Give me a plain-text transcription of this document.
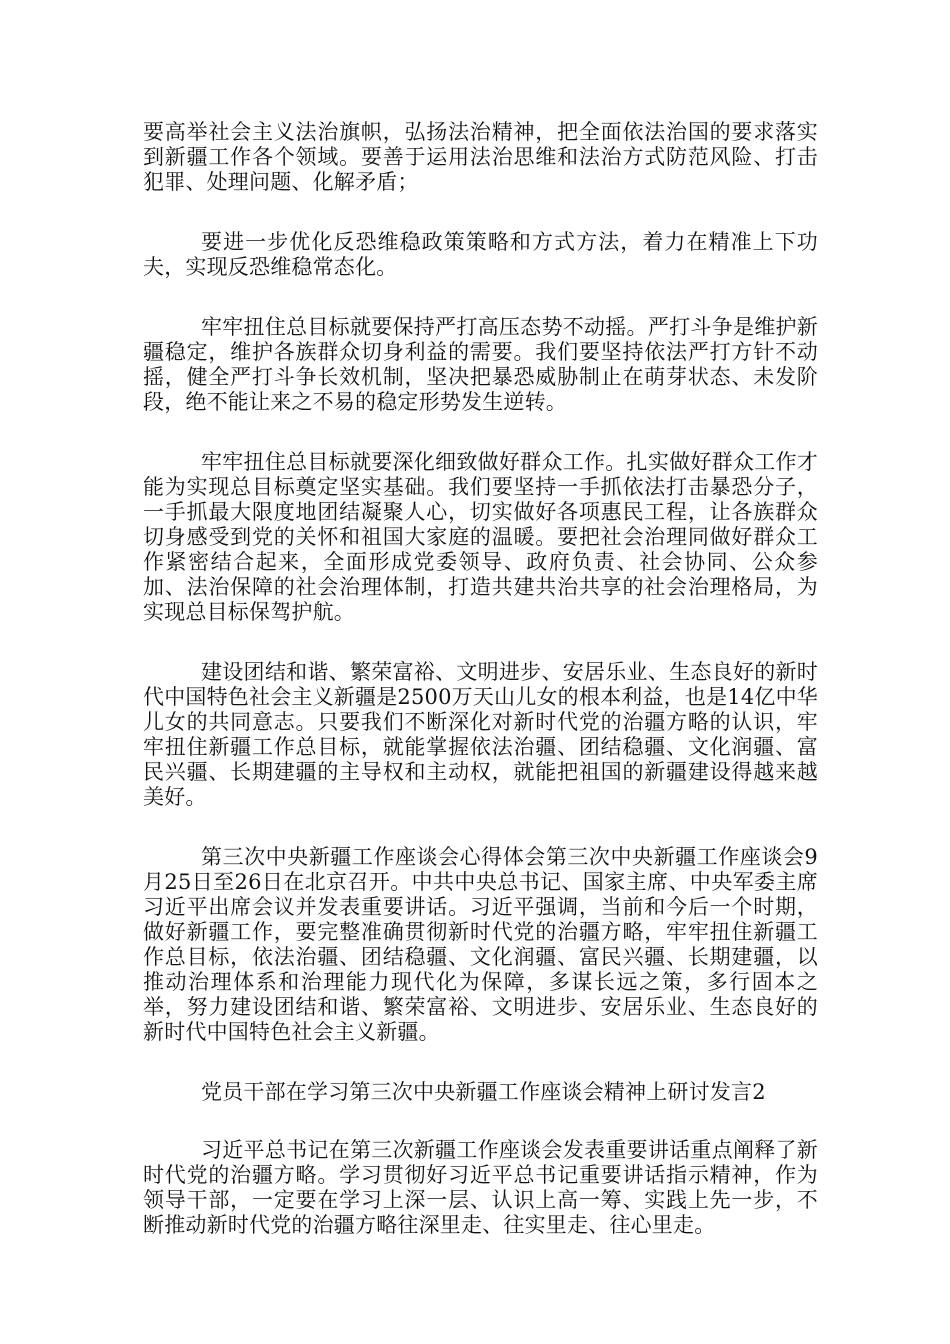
要高举社会主义法治旗帜，弘扬法治精神，把全面依法治国的要求落实到新疆工作各个领域。要善于运用法治思维和法治方式防范风险、打击犯罪、处理问题、化解矛盾；

要进一步优化反恐维稳政策策略和方式方法，着力在精准上下功夫，实现反恐维稳常态化。

牢牢扭住总目标就要保持严打高压态势不动摇。严打斗争是维护新疆稳定，维护各族群众切身利益的需要。我们要坚持依法严打方针不动摇，健全严打斗争长效机制，坚决把暴恐威胁制止在萌芽状态、未发阶段，绝不能让来之不易的稳定形势发生逆转。

牢牢扭住总目标就要深化细致做好群众工作。扎实做好群众工作才能为实现总目标奠定坚实基础。我们要坚持一手抓依法打击暴恐分子，一手抓最大限度地团结凝聚人心，切实做好各项惠民工程，让各族群众切身感受到党的关怀和祖国大家庭的温暖。要把社会治理同做好群众工作紧密结合起来，全面形成党委领导、政府负责、社会协同、公众参加、法治保障的社会治理体制，打造共建共治共享的社会治理格局，为实现总目标保驾护航。

建设团结和谐、繁荣富裕、文明进步、安居乐业、生态良好的新时代中国特色社会主义新疆是2500万天山儿女的根本利益，也是14亿中华儿女的共同意志。只要我们不断深化对新时代党的治疆方略的认识，牢牢扭住新疆工作总目标，就能掌握依法治疆、团结稳疆、文化润疆、富民兴疆、长期建疆的主导权和主动权，就能把祖国的新疆建设得越来越美好。

第三次中央新疆工作座谈会心得体会第三次中央新疆工作座谈会9月25日至26日在北京召开。中共中央总书记、国家主席、中央军委主席习近平出席会议并发表重要讲话。习近平强调，当前和今后一个时期，做好新疆工作，要完整准确贯彻新时代党的治疆方略，牢牢扭住新疆工作总目标，依法治疆、团结稳疆、文化润疆、富民兴疆、长期建疆，以推动治理体系和治理能力现代化为保障，多谋长远之策，多行固本之举，努力建设团结和谐、繁荣富裕、文明进步、安居乐业、生态良好的新时代中国特色社会主义新疆。

党员干部在学习第三次中央新疆工作座谈会精神上研讨发言2

习近平总书记在第三次新疆工作座谈会发表重要讲话重点阐释了新时代党的治疆方略。学习贯彻好习近平总书记重要讲话指示精神，作为领导干部，一定要在学习上深一层、认识上高一筹、实践上先一步，不断推动新时代党的治疆方略往深里走、往实里走、往心里走。
